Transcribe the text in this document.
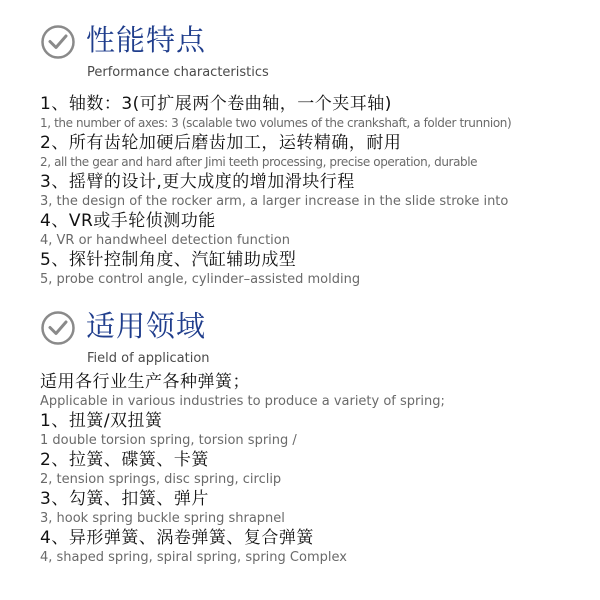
性能特点
Performance characteristics
1、轴数：3(可扩展两个卷曲轴，一个夹耳轴)
1, the number of axes: 3 (scalable two volumes of the crankshaft, a folder trunnion)
2、所有齿轮加硬后磨齿加工，运转精确，耐用
2, all the gear and hard after Jimi teeth processing, precise operation, durable
3、摇臂的设计,更大成度的增加滑块行程
3, the design of the rocker arm, a larger increase in the slide stroke into
4、VR或手轮侦测功能
4, VR or handwheel detection function
5、探针控制角度、汽缸辅助成型
5, probe control angle, cylinder–assisted molding
适用领域
Field of application
适用各行业生产各种弹簧；
Applicable in various industries to produce a variety of spring;
1、扭簧/双扭簧
1 double torsion spring, torsion spring /
2、拉簧、碟簧、卡簧
2, tension springs, disc spring, circlip
3、勾簧、扣簧、弹片
3, hook spring buckle spring shrapnel
4、异形弹簧、涡卷弹簧、复合弹簧
4, shaped spring, spiral spring, spring Complex
